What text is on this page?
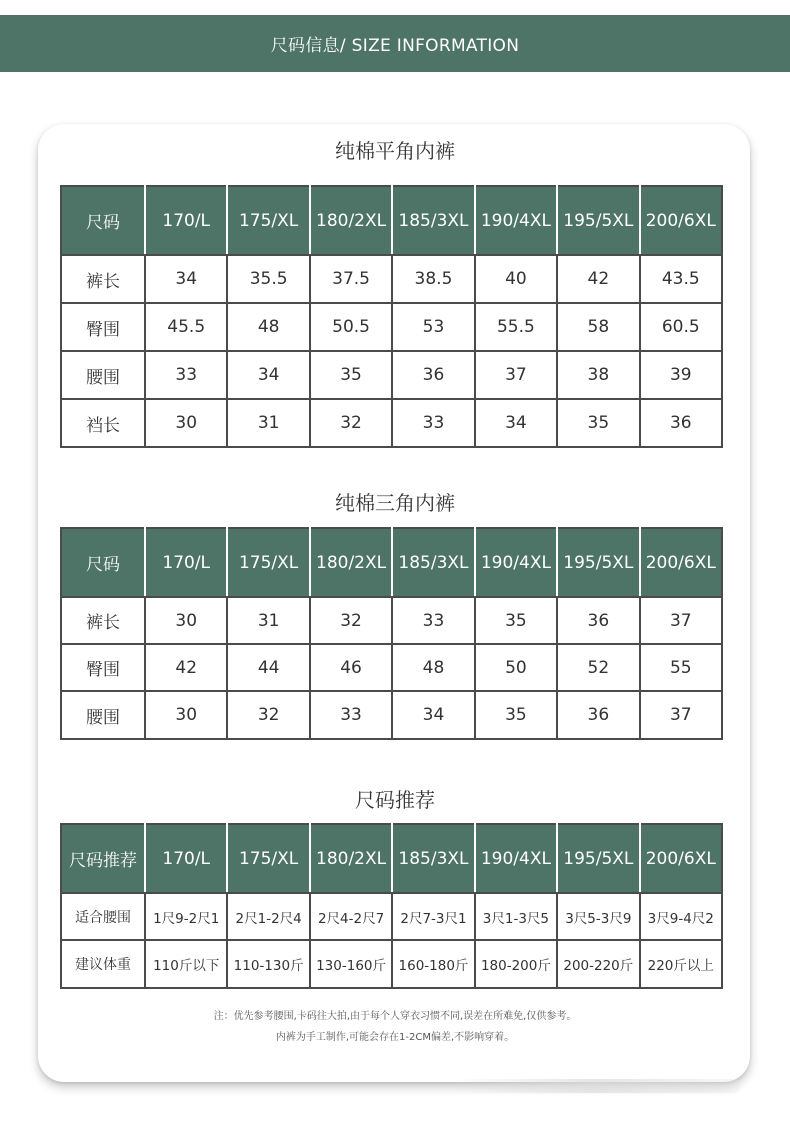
尺码信息/ SIZE INFORMATION
纯棉平角内裤
尺码	170/L	175/XL	180/2XL	185/3XL	190/4XL	195/5XL	200/6XL
裤长	34	35.5	37.5	38.5	40	42	43.5
臀围	45.5	48	50.5	53	55.5	58	60.5
腰围	33	34	35	36	37	38	39
裆长	30	31	32	33	34	35	36
纯棉三角内裤
尺码	170/L	175/XL	180/2XL	185/3XL	190/4XL	195/5XL	200/6XL
裤长	30	31	32	33	35	36	37
臀围	42	44	46	48	50	52	55
腰围	30	32	33	34	35	36	37
尺码推荐
尺码推荐	170/L	175/XL	180/2XL	185/3XL	190/4XL	195/5XL	200/6XL
适合腰围	1尺9-2尺1	2尺1-2尺4	2尺4-2尺7	2尺7-3尺1	3尺1-3尺5	3尺5-3尺9	3尺9-4尺2
建议体重	110斤以下	110-130斤	130-160斤	160-180斤	180-200斤	200-220斤	220斤以上
注：优先参考腰围,卡码往大拍,由于每个人穿衣习惯不同,误差在所难免,仅供参考。
内裤为手工制作,可能会存在1-2CM偏差,不影响穿着。
